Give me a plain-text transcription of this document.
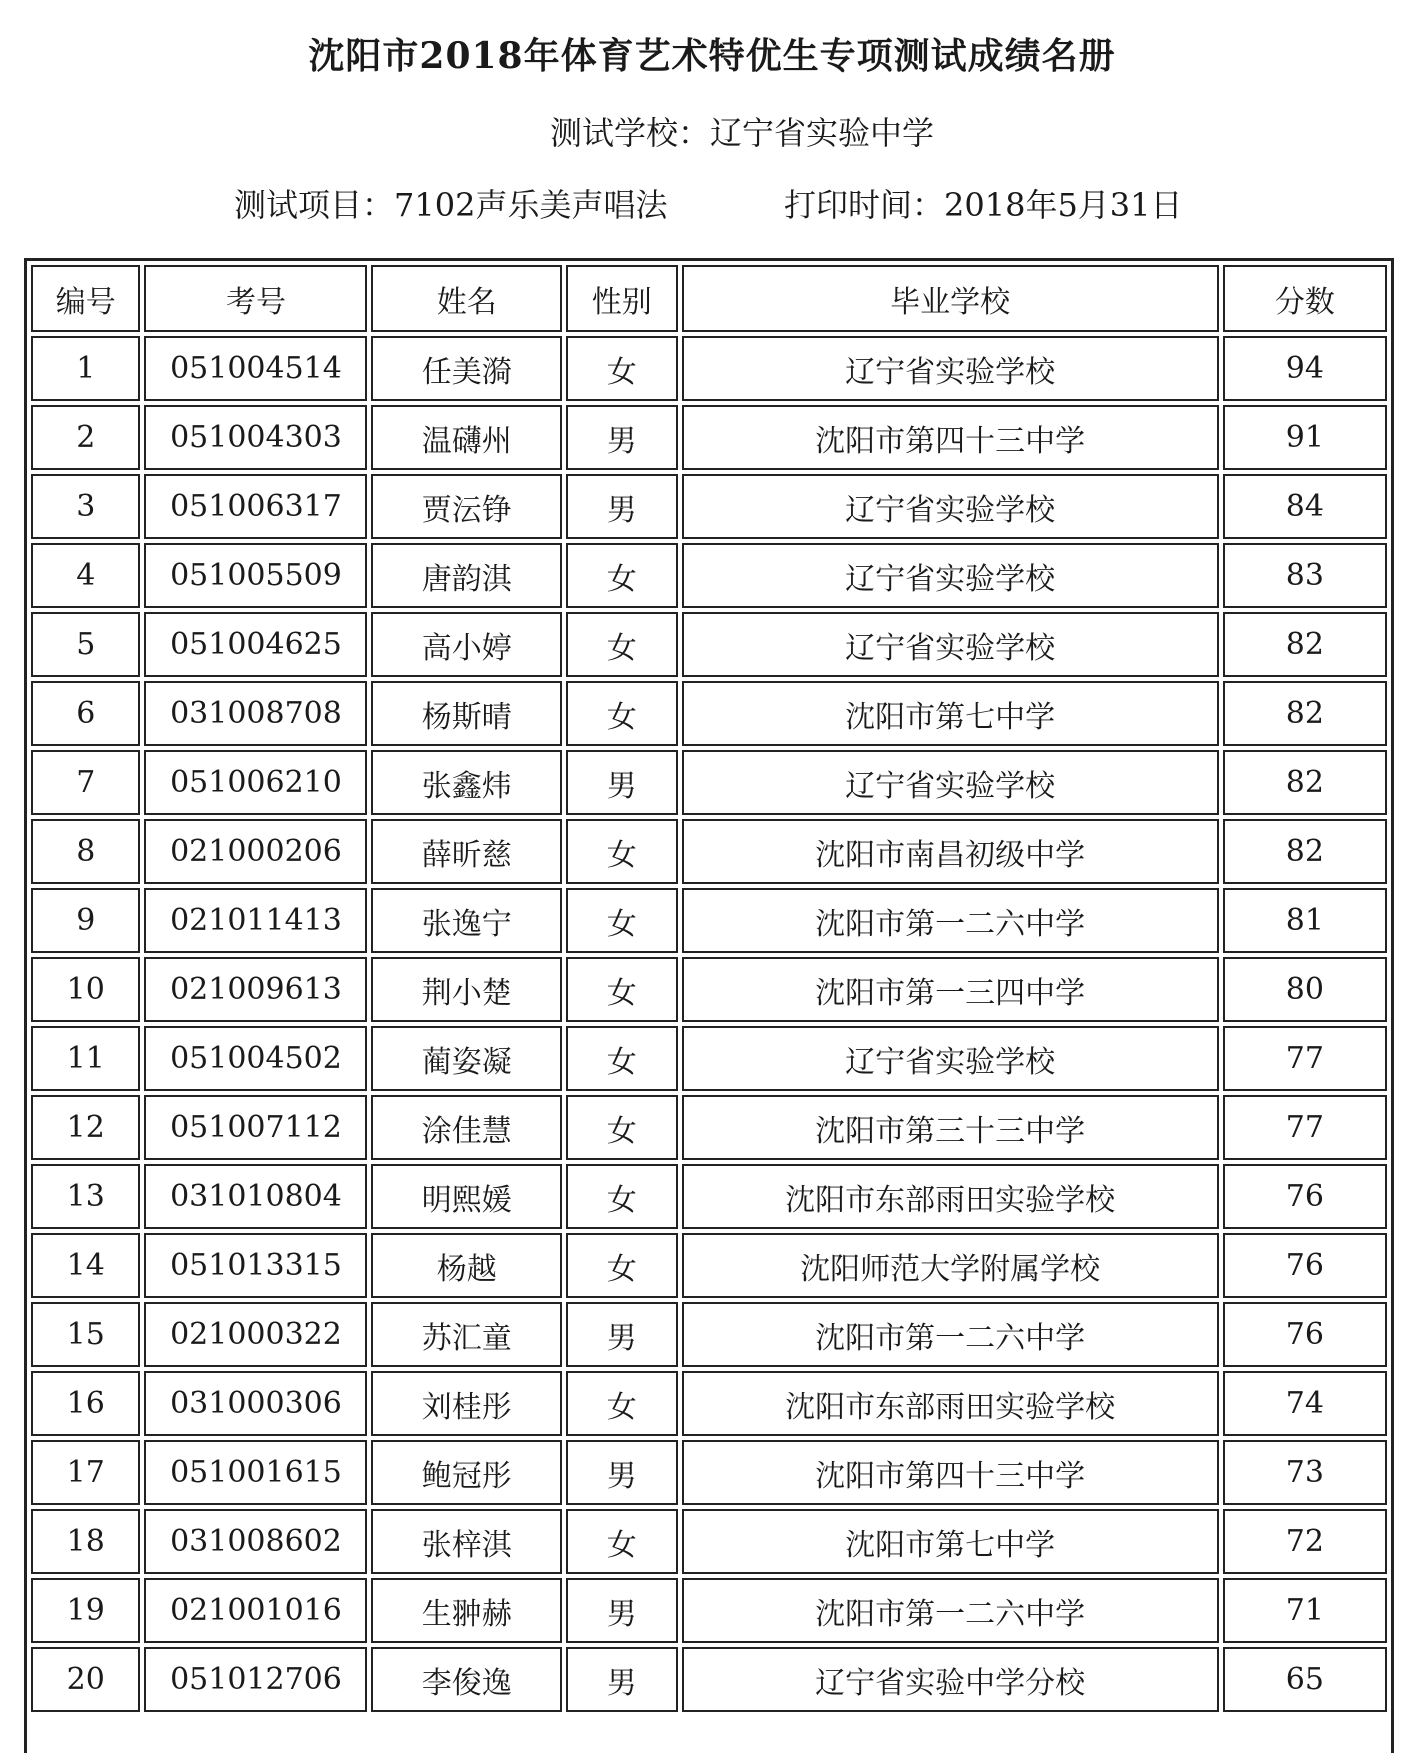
沈阳市2018年体育艺术特优生专项测试成绩名册
测试学校：辽宁省实验中学
测试项目：7102声乐美声唱法	打印时间：2018年5月31日
编号	考号	姓名	性别	毕业学校	分数
1	051004514	任美漪	女	辽宁省实验学校	94
2	051004303	温礴州	男	沈阳市第四十三中学	91
3	051006317	贾沄铮	男	辽宁省实验学校	84
4	051005509	唐韵淇	女	辽宁省实验学校	83
5	051004625	高小婷	女	辽宁省实验学校	82
6	031008708	杨斯晴	女	沈阳市第七中学	82
7	051006210	张鑫炜	男	辽宁省实验学校	82
8	021000206	薛昕慈	女	沈阳市南昌初级中学	82
9	021011413	张逸宁	女	沈阳市第一二六中学	81
10	021009613	荆小楚	女	沈阳市第一三四中学	80
11	051004502	蔺姿凝	女	辽宁省实验学校	77
12	051007112	涂佳慧	女	沈阳市第三十三中学	77
13	031010804	明熙媛	女	沈阳市东部雨田实验学校	76
14	051013315	杨越	女	沈阳师范大学附属学校	76
15	021000322	苏汇童	男	沈阳市第一二六中学	76
16	031000306	刘桂彤	女	沈阳市东部雨田实验学校	74
17	051001615	鲍冠彤	男	沈阳市第四十三中学	73
18	031008602	张梓淇	女	沈阳市第七中学	72
19	021001016	生翀赫	男	沈阳市第一二六中学	71
20	051012706	李俊逸	男	辽宁省实验中学分校	65
